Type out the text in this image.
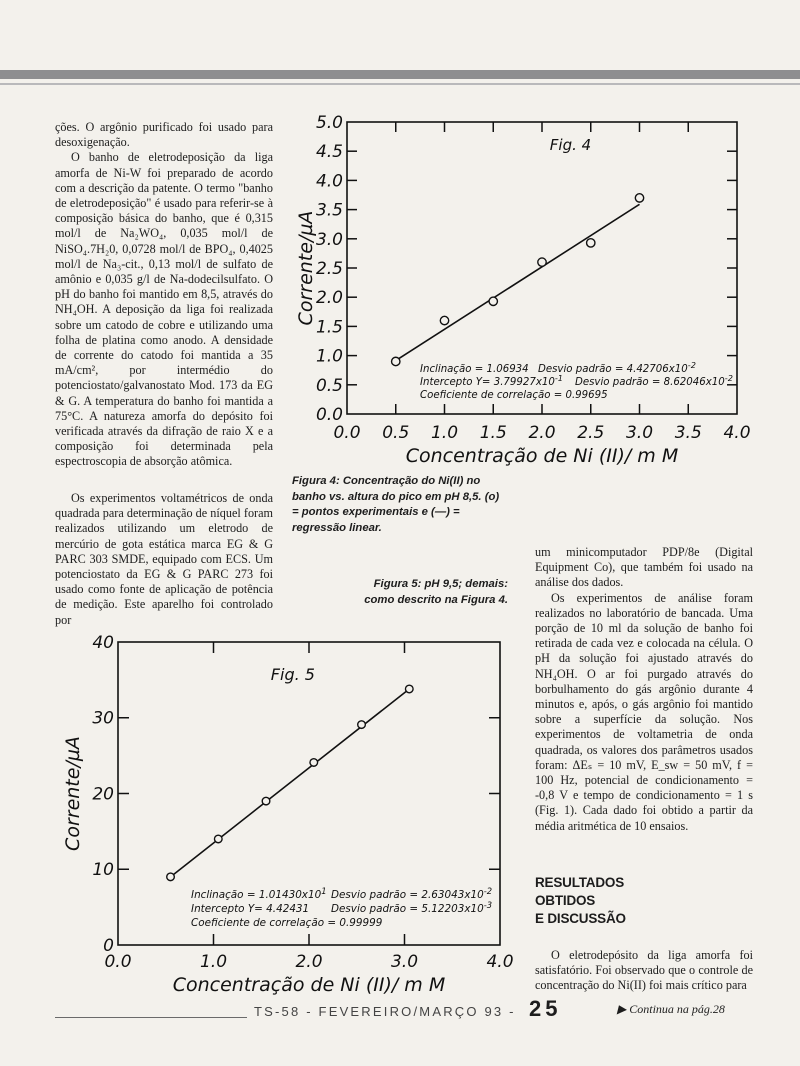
ções. O argônio purificado foi usado para desoxigenação.

O banho de eletrodeposição da liga amorfa de Ni-W foi preparado de acordo com a descrição da patente. O termo "banho de eletrodeposição" é usado para referir-se à composição básica do banho, que é 0,315 mol/l de Na₂WO₄, 0,035 mol/l de NiSO₄.7H₂0, 0,0728 mol/l de BPO₄, 0,4025 mol/l de Na₃-cit., 0,13 mol/l de sulfato de amônio e 0,035 g/l de Na-dodecilsulfato. O pH do banho foi mantido em 8,5, através do NH₄OH. A deposição da liga foi realizada sobre um catodo de cobre e utilizando uma folha de platina como anodo. A densidade de corrente do catodo foi mantida a 35 mA/cm², por intermédio do potenciostato/galvanostato Mod. 173 da EG & G. A temperatura do banho foi mantida a 75°C. A natureza amorfa do depósito foi verificada através da difração de raio X e a composição foi determinada pela espectroscopia de absorção atômica.

Os experimentos voltamétricos de onda quadrada para determinação de níquel foram realizados utilizando um eletrodo de mercúrio de gota estática marca EG & G PARC 303 SMDE, equipado com ECS. Um potenciostato da EG & G PARC 273 foi usado como fonte de aplicação de potência de medição. Este aparelho foi controlado por

0.0 0.5 1.0 1.5 2.0 2.5 3.0 3.5 4.0
0.0
0.5
1.0
1.5
2.0
2.5
3.0
3.5
4.0
4.5
5.0
Fig. 4
Concentração de Ni (II)/ m M
Corrente/µA
Inclinação = 1.06934 Desvio padrão = $4.42706x10^{-2}$
Intercepto $Y= 3.79927x10^{-1}$ Desvio padrão = $8.62046x10^{-2}$
Coeficiente de correlação = 0.99695
Figura 4: Concentração do Ni(II) no banho vs. altura do pico em pH 8,5. (o) = pontos experimentais e (—) = regressão linear.
Figura 5: pH 9,5; demais: como descrito na Figura 4.
0.0	1.0	2.0	3.0	4.0
0
10
20
30
40
Fig. 5
Concentração de Ni (II)/ m M
Corrente/µA
Inclinação = $1.01430x10^1$ Desvio padrão = $2.63043x10^{-2}$
Intercepto Y= 4.42431 Desvio padrão = $5.12203x10^{-3}$
Coeficiente de correlação = 0.99999

um minicomputador PDP/8e (Digital Equipment Co), que também foi usado na análise dos dados.

Os experimentos de análise foram realizados no laboratório de bancada. Uma porção de 10 ml da solução de banho foi retirada de cada vez e colocada na célula. O pH da solução foi ajustado através do NH₄OH. O ar foi purgado através do borbulhamento do gás argônio durante 4 minutos e, após, o gás argônio foi mantido sobre a superfície da solução. Nos experimentos de voltametria de onda quadrada, os valores dos parâmetros usados foram: ΔEₛ = 10 mV, E_sw = 50 mV, f = 100 Hz, potencial de condicionamento = -0,8 V e tempo de condicionamento = 1 s (Fig. 1). Cada dado foi obtido a partir da média aritmética de 10 ensaios.

RESULTADOS
OBTIDOS
E DISCUSSÃO

O eletrodepósito da liga amorfa foi satisfatório. Foi observado que o controle de concentração do Ni(II) foi mais crítico para

TS-58 - FEVEREIRO/MARÇO 93 - 25	▶ Continua na pág.28
